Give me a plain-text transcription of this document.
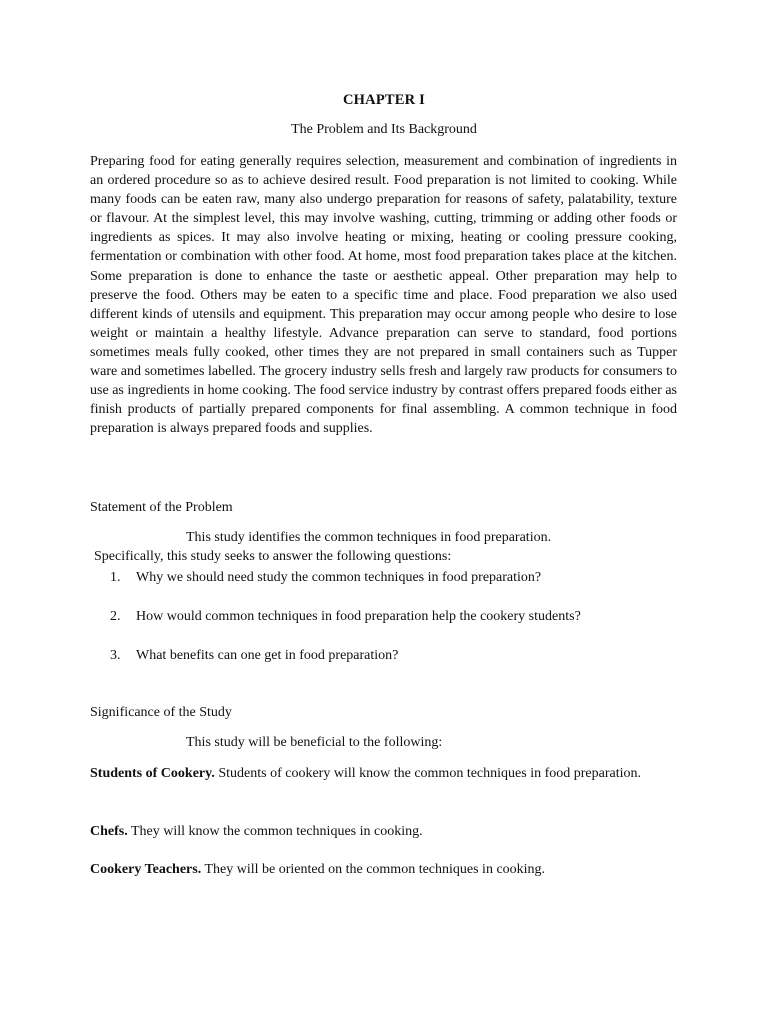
CHAPTER I
The Problem and Its Background

Preparing food for eating generally requires selection, measurement and combination of ingredients in an ordered procedure so as to achieve desired result. Food preparation is not limited to cooking. While many foods can be eaten raw, many also undergo preparation for reasons of safety, palatability, texture or flavour. At the simplest level, this may involve washing, cutting, trimming or adding other foods or ingredients as spices. It may also involve heating or mixing, heating or cooling pressure cooking, fermentation or combination with other food. At home, most food preparation takes place at the kitchen. Some preparation is done to enhance the taste or aesthetic appeal. Other preparation may help to preserve the food. Others may be eaten to a specific time and place. Food preparation we also used different kinds of utensils and equipment. This preparation may occur among people who desire to lose weight or maintain a healthy lifestyle. Advance preparation can serve to standard, food portions sometimes meals fully cooked, other times they are not prepared in small containers such as Tupper ware and sometimes labelled. The grocery industry sells fresh and largely raw products for consumers to use as ingredients in home cooking. The food service industry by contrast offers prepared foods either as finish products of partially prepared components for final assembling. A common technique in food preparation is always prepared foods and supplies.

Statement of the Problem
This study identifies the common techniques in food preparation.
Specifically, this study seeks to answer the following questions:
1.	Why we should need study the common techniques in food preparation?
2.	How would common techniques in food preparation help the cookery students?
3.	What benefits can one get in food preparation?
Significance of the Study
This study will be beneficial to the following:

Students of Cookery. Students of cookery will know the common techniques in food preparation.

Chefs. They will know the common techniques in cooking.

Cookery Teachers. They will be oriented on the common techniques in cooking.
